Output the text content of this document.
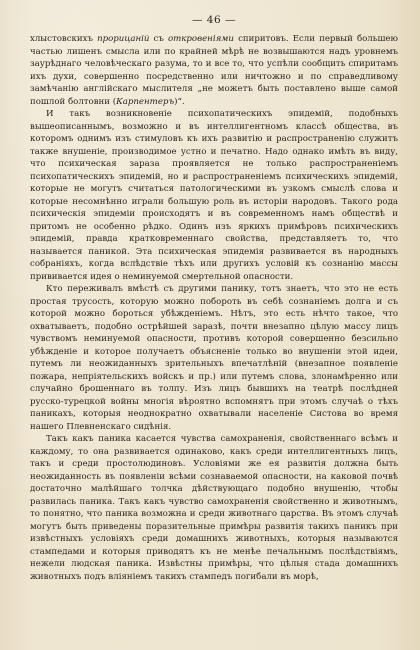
— 46 —

хлыстовскихъ прорицаній съ откровеніями спиритовъ. Если первый большею частью лишенъ смысла или по крайней мѣрѣ не возвышаются надъ уровнемъ заурѣднаго человѣческаго разума, то и все то, что успѣли сообщить спиритамъ ихъ духи, совершенно посредственно или ничтожно и по справедливому замѣчанію англійскаго мыслителя „не можетъ быть поставлено выше самой пошлой болтовни (Карпентеръ)“.

И такъ возникновеніе психопатическихъ эпидемій, подобныхъ вышеописаннымъ, возможно и въ интеллигентномъ классѣ общества, въ которомъ однимъ изъ стимуловъ къ ихъ развитію и распространенію служитъ также внушеніе, производимое устно и печатно. Надо однако имѣть въ виду, что психическая зараза проявляется не только распространеніемъ психопатическихъ эпидемій, но и распространеніемъ психическихъ эпидемій, которые не могутъ считаться патологическими въ узкомъ смыслѣ слова и которые несомнѣнно играли большую роль въ исторіи народовъ. Такого рода психическія эпидеміи происходятъ и въ современномъ намъ обществѣ и притомъ не особенно рѣдко. Одинъ изъ яркихъ примѣровъ психическихъ эпидемій, правда кратковременнаго свойства, представляетъ то, что называется паникой. Эта психическая эпидемія развивается въ народныхъ собраніяхъ, когда вслѣдствіе тѣхъ или другихъ условій къ сознанію массы прививается идея о неминуемой смертельной опасности.

Кто переживалъ вмѣстѣ съ другими панику, тотъ знаетъ, что это не есть простая трусость, которую можно побороть въ себѣ сознаніемъ долга и съ которой можно бороться убѣжденіемъ. Нѣтъ, это есть нѣчто такое, что охватываетъ, подобно острѣйшей заразѣ, почти внезапно цѣлую массу лицъ чувствомъ неминуемой опасности, противъ которой совершенно безсильно убѣжденіе и которое получаетъ объясненіе только во внушеніи этой идеи, путемъ ли неожиданныхъ зрительныхъ впечатлѣній (внезапное появленіе пожара, непріятельскихъ войскъ и пр.) или путемъ слова, злонамѣренно или случайно брошеннаго въ толпу. Изъ лицъ бывшихъ на театрѣ послѣдней русско-турецкой войны многія вѣроятно вспомнятъ при этомъ случаѣ о тѣхъ паникахъ, которыя неоднократно охватывали населеніе Систова во время нашего Плевненскаго сидѣнія.

Такъ какъ паника касается чувства самохраненія, свойственнаго всѣмъ и каждому, то она развивается одинаково, какъ среди интеллигентныхъ лицъ, такъ и среди простолюдиновъ. Условіями же ея развитія должна быть неожиданность въ появленіи всѣми сознаваемой опасности, на каковой почвѣ достаточно малѣйшаго толчка дѣйствующаго подобно внушенію, чтобы развилась паника. Такъ какъ чувство самохраненія свойственно и животнымъ, то понятно, что паника возможна и среди животнаго царства. Въ этомъ случаѣ могутъ быть приведены поразительные примѣры развитія такихъ паникъ при извѣстныхъ условіяхъ среди домашнихъ животныхъ, которыя называются стампедами и которыя приводятъ къ не менѣе печальнымъ послѣдствіямъ, нежели людская паника. Извѣстны примѣры, что цѣлыя стада домашнихъ животныхъ подъ вліяніемъ такихъ стампедъ погибали въ морѣ,
